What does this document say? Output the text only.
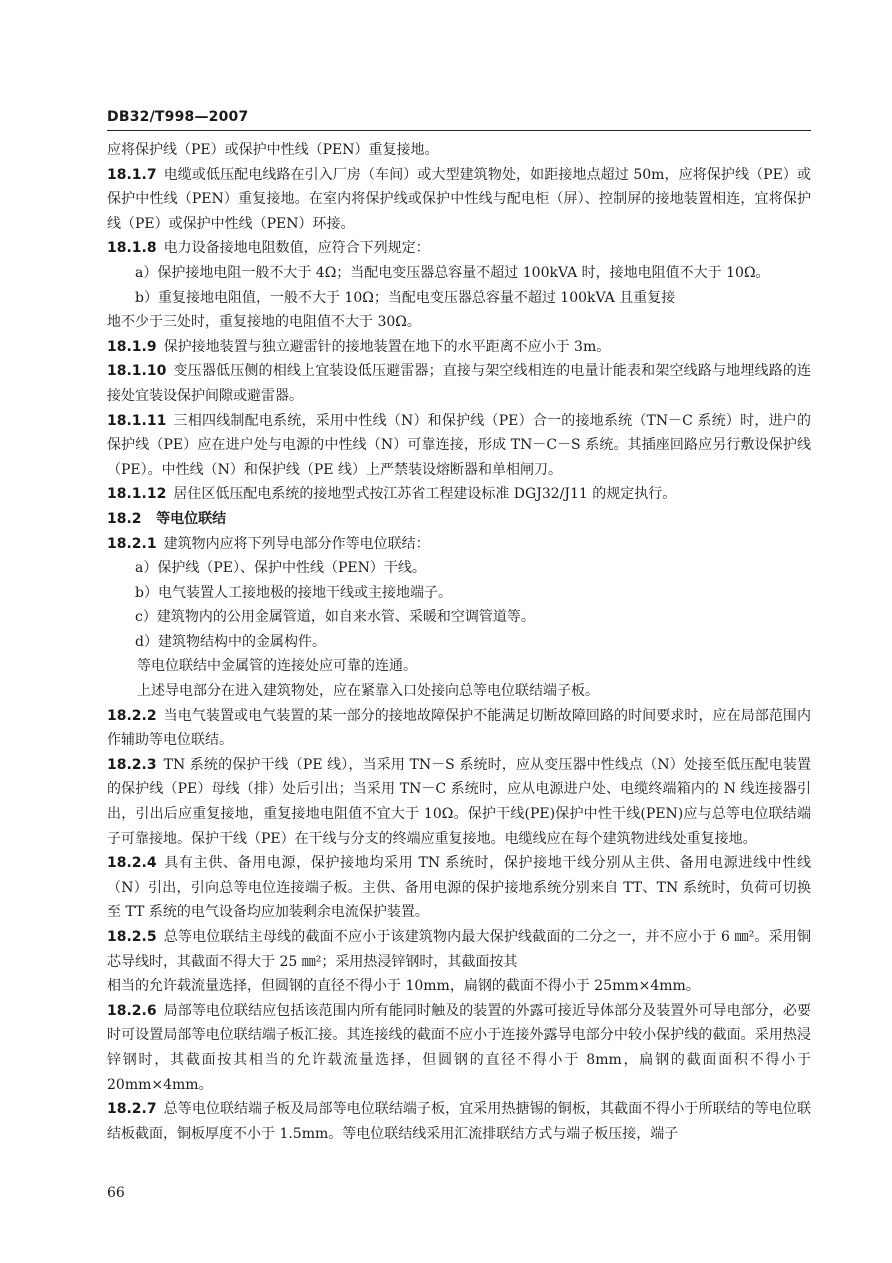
DB32/T998—2007

应将保护线（PE）或保护中性线（PEN）重复接地。

18.1.7 电缆或低压配电线路在引入厂房（车间）或大型建筑物处，如距接地点超过 50m，应将保护线（PE）或保护中性线（PEN）重复接地。在室内将保护线或保护中性线与配电柜（屏）、控制屏的接地装置相连，宜将保护线（PE）或保护中性线（PEN）环接。

18.1.8 电力设备接地电阻数值，应符合下列规定：

a）保护接地电阻一般不大于 4Ω；当配电变压器总容量不超过 100kVA 时，接地电阻值不大于 10Ω。

b）重复接地电阻值，一般不大于 10Ω；当配电变压器总容量不超过 100kVA 且重复接

地不少于三处时，重复接地的电阻值不大于 30Ω。

18.1.9 保护接地装置与独立避雷针的接地装置在地下的水平距离不应小于 3m。

18.1.10 变压器低压侧的相线上宜装设低压避雷器；直接与架空线相连的电量计能表和架空线路与地埋线路的连接处宜装设保护间隙或避雷器。

18.1.11 三相四线制配电系统，采用中性线（N）和保护线（PE）合一的接地系统（TN－C 系统）时，进户的保护线（PE）应在进户处与电源的中性线（N）可靠连接，形成 TN－C－S 系统。其插座回路应另行敷设保护线（PE）。中性线（N）和保护线（PE 线）上严禁装设熔断器和单相闸刀。

18.1.12 居住区低压配电系统的接地型式按江苏省工程建设标准 DGJ32/J11 的规定执行。

18.2 等电位联结

18.2.1 建筑物内应将下列导电部分作等电位联结：

a）保护线（PE）、保护中性线（PEN）干线。

b）电气装置人工接地极的接地干线或主接地端子。

c）建筑物内的公用金属管道，如自来水管、采暖和空调管道等。

d）建筑物结构中的金属构件。

等电位联结中金属管的连接处应可靠的连通。

上述导电部分在进入建筑物处，应在紧靠入口处接向总等电位联结端子板。

18.2.2 当电气装置或电气装置的某一部分的接地故障保护不能满足切断故障回路的时间要求时，应在局部范围内作辅助等电位联结。

18.2.3 TN 系统的保护干线（PE 线），当采用 TN－S 系统时，应从变压器中性线点（N）处接至低压配电装置的保护线（PE）母线（排）处后引出；当采用 TN－C 系统时，应从电源进户处、电缆终端箱内的 N 线连接器引出，引出后应重复接地，重复接地电阻值不宜大于 10Ω。保护干线(PE)保护中性干线(PEN)应与总等电位联结端子可靠接地。保护干线（PE）在干线与分支的终端应重复接地。电缆线应在每个建筑物进线处重复接地。

18.2.4 具有主供、备用电源，保护接地均采用 TN 系统时，保护接地干线分别从主供、备用电源进线中性线（N）引出，引向总等电位连接端子板。主供、备用电源的保护接地系统分别来自 TT、TN 系统时，负荷可切换至 TT 系统的电气设备均应加装剩余电流保护装置。

18.2.5 总等电位联结主母线的截面不应小于该建筑物内最大保护线截面的二分之一，并不应小于 6 ㎜²。采用铜芯导线时，其截面不得大于 25 ㎜²；采用热浸锌钢时，其截面按其

相当的允许载流量选择，但圆钢的直径不得小于 10mm，扁钢的截面不得小于 25mm×4mm。

18.2.6 局部等电位联结应包括该范围内所有能同时触及的装置的外露可接近导体部分及装置外可导电部分，必要时可设置局部等电位联结端子板汇接。其连接线的截面不应小于连接外露导电部分中较小保护线的截面。采用热浸锌钢时，其截面按其相当的允许载流量选择，但圆钢的直径不得小于 8mm，扁钢的截面面积不得小于 20mm×4mm。

18.2.7 总等电位联结端子板及局部等电位联结端子板，宜采用热搪锡的铜板，其截面不得小于所联结的等电位联结板截面，铜板厚度不小于 1.5mm。等电位联结线采用汇流排联结方式与端子板压接，端子

66
